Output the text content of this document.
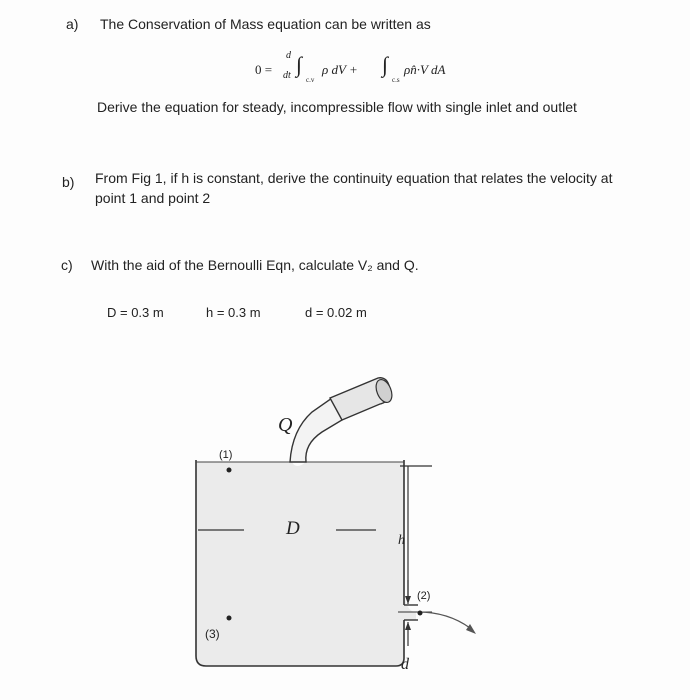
a) The Conservation of Mass equation can be written as
0 =
d
dt ∫
c.v
ρ dV + ∫
c.s
ρn̂·V dA
Derive the equation for steady, incompressible flow with single inlet and outlet
b) From Fig 1, if h is constant, derive the continuity equation that relates the velocity at
point 1 and point 2
c) With the aid of the Bernoulli Eqn, calculate V₂ and Q.
D = 0.3 m	h = 0.3 m	d = 0.02 m
Q
(1)
D
h
(2)
(3)
d
